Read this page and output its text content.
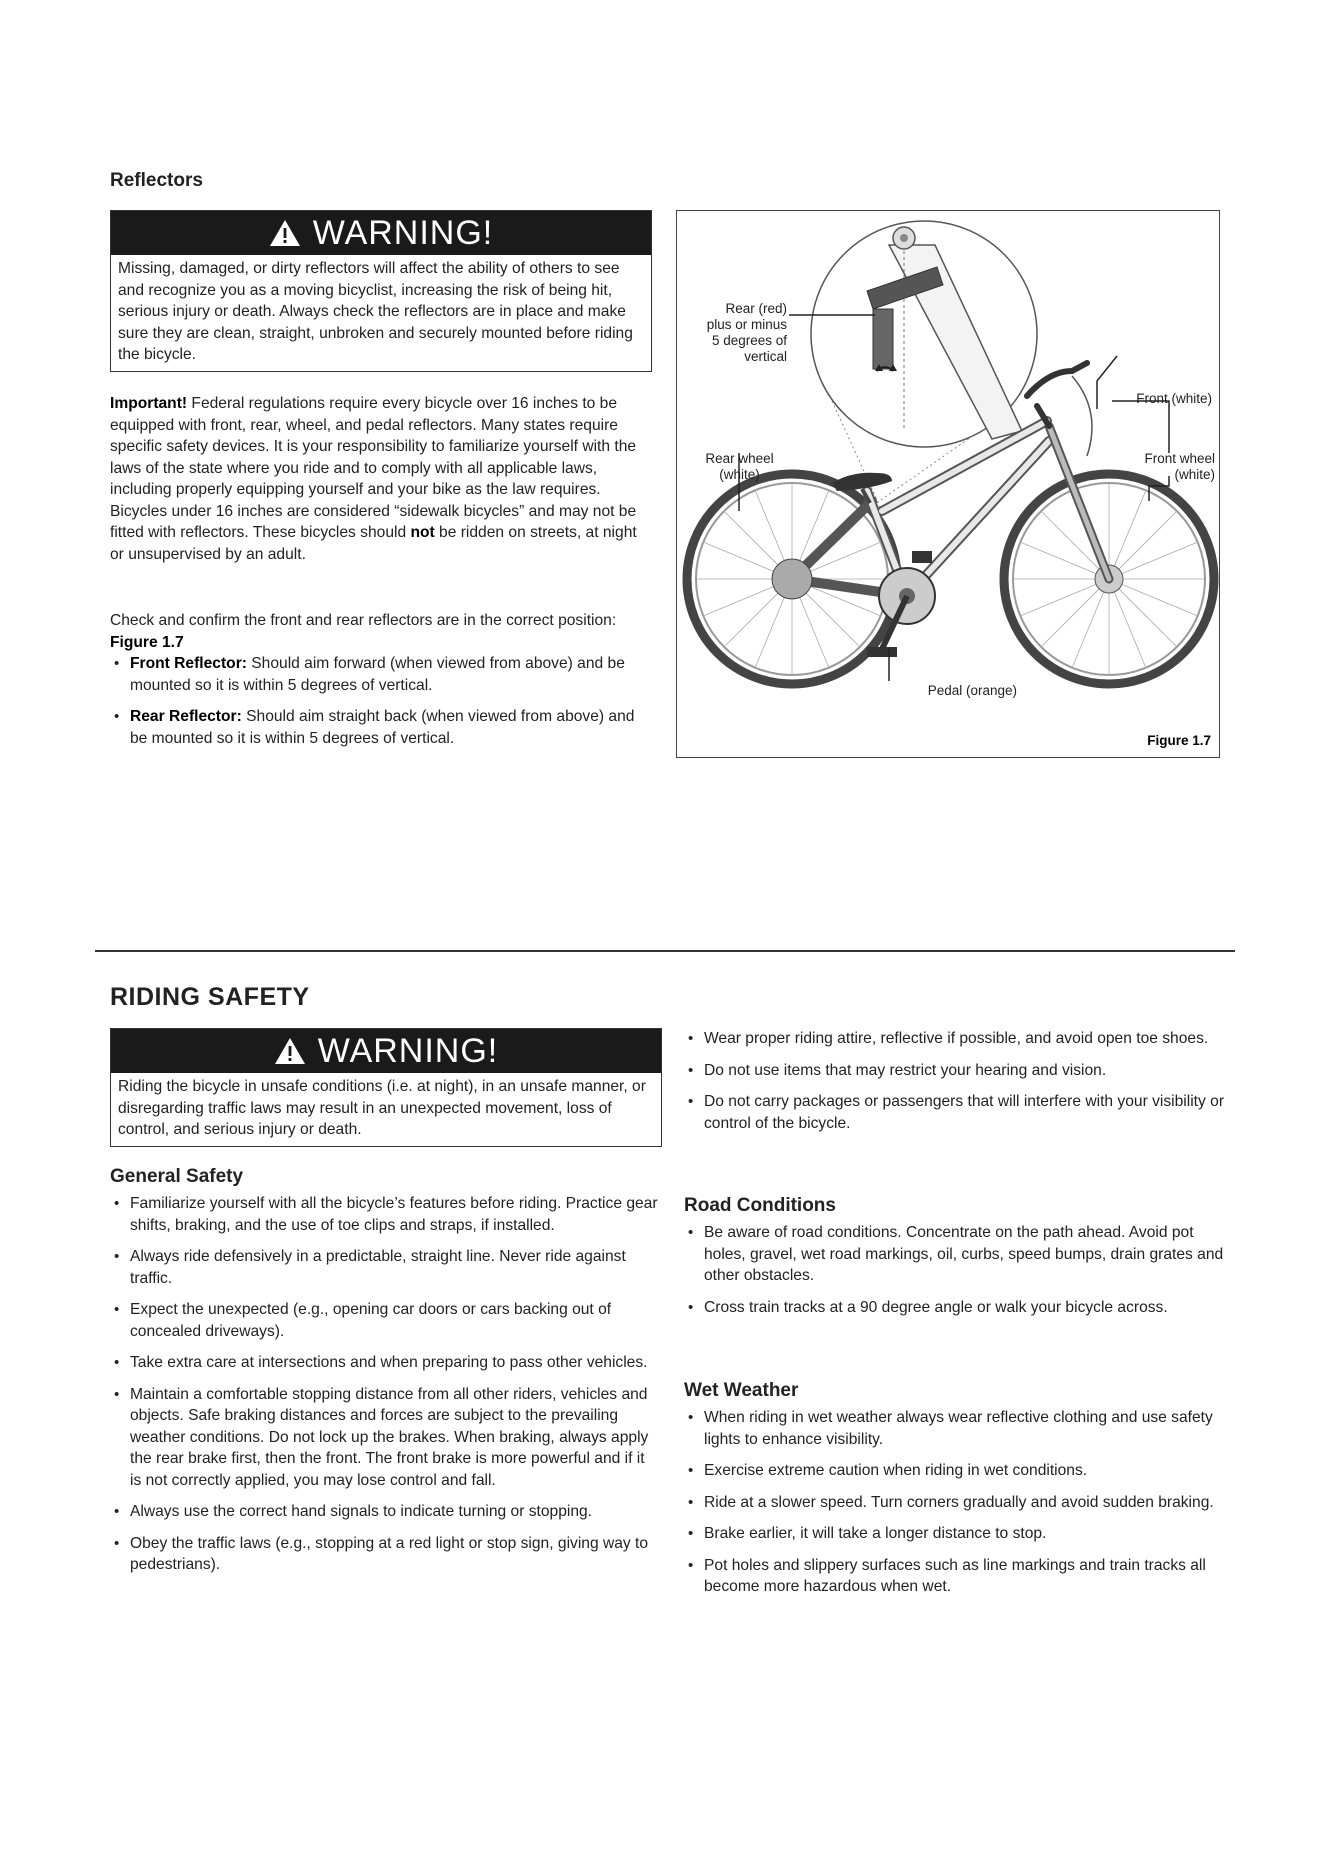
Reflectors
WARNING!
Missing, damaged, or dirty reflectors will affect the ability of others to see and recognize you as a moving bicyclist, increasing the risk of being hit, serious injury or death. Always check the reflectors are in place and make sure they are clean, straight, unbroken and securely mounted before riding the bicycle.
Important! Federal regulations require every bicycle over 16 inches to be equipped with front, rear, wheel, and pedal reflectors. Many states require specific safety devices. It is your responsibility to familiarize yourself with the laws of the state where you ride and to comply with all applicable laws, including properly equipping yourself and your bike as the law requires. Bicycles under 16 inches are considered “sidewalk bicycles” and may not be fitted with reflectors. These bicycles should not be ridden on streets, at night or unsupervised by an adult.
Check and confirm the front and rear reflectors are in the correct position: Figure 1.7
• Front Reflector: Should aim forward (when viewed from above) and be mounted so it is within 5 degrees of vertical.
• Rear Reflector: Should aim straight back (when viewed from above) and be mounted so it is within 5 degrees of vertical.
Rear (red)
plus or minus
5 degrees of
vertical
Front (white)
Rear wheel
(white)
Front wheel
(white)
Pedal (orange)
Figure 1.7
RIDING SAFETY
WARNING!
Riding the bicycle in unsafe conditions (i.e. at night), in an unsafe manner, or disregarding traffic laws may result in an unexpected movement, loss of control, and serious injury or death.
General Safety
• Familiarize yourself with all the bicycle’s features before riding. Practice gear shifts, braking, and the use of toe clips and straps, if installed.
• Always ride defensively in a predictable, straight line. Never ride against traffic.
• Expect the unexpected (e.g., opening car doors or cars backing out of concealed driveways).
• Take extra care at intersections and when preparing to pass other vehicles.
• Maintain a comfortable stopping distance from all other riders, vehicles and objects. Safe braking distances and forces are subject to the prevailing weather conditions. Do not lock up the brakes. When braking, always apply the rear brake first, then the front. The front brake is more powerful and if it is not correctly applied, you may lose control and fall.
• Always use the correct hand signals to indicate turning or stopping.
• Obey the traffic laws (e.g., stopping at a red light or stop sign, giving way to pedestrians).
• Wear proper riding attire, reflective if possible, and avoid open toe shoes.
• Do not use items that may restrict your hearing and vision.
• Do not carry packages or passengers that will interfere with your visibility or control of the bicycle.
Road Conditions
• Be aware of road conditions. Concentrate on the path ahead. Avoid pot holes, gravel, wet road markings, oil, curbs, speed bumps, drain grates and other obstacles.
• Cross train tracks at a 90 degree angle or walk your bicycle across.
Wet Weather
• When riding in wet weather always wear reflective clothing and use safety lights to enhance visibility.
• Exercise extreme caution when riding in wet conditions.
• Ride at a slower speed. Turn corners gradually and avoid sudden braking.
• Brake earlier, it will take a longer distance to stop.
• Pot holes and slippery surfaces such as line markings and train tracks all become more hazardous when wet.
